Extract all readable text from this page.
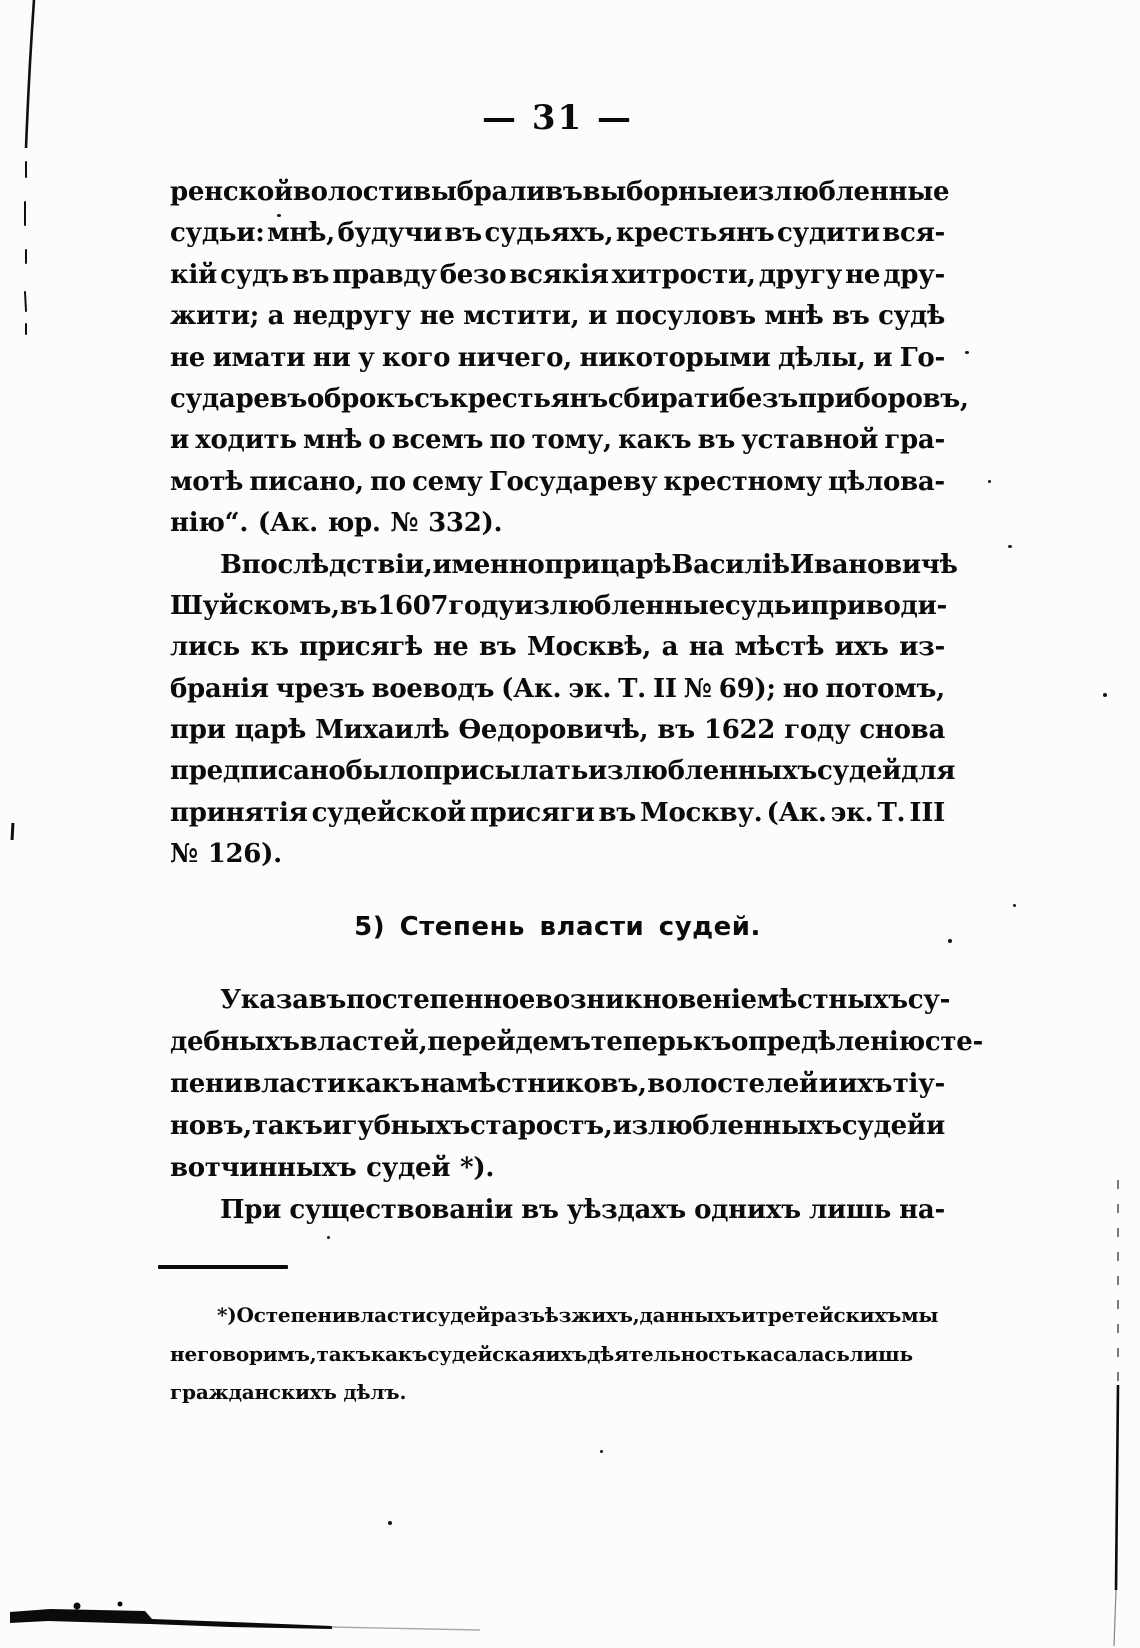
— 31 —
ренской волости выбрали въ выборные излюбленные
судьи: мнѣ, будучи въ судьяхъ, крестьянъ судити вся-
кій судъ въ правду безо всякія хитрости, другу не дру-
жити; а недругу не мстити, и посуловъ мнѣ въ судѣ
не имати ни у кого ничего, никоторыми дѣлы, и Го-
сударевъ оброкъ съ крестьянъ сбирати безъ приборовъ,
и ходить мнѣ о всемъ по тому, какъ въ уставной гра-
мотѣ писано, по сему Государеву крестному цѣлова-
нію“. (Ак. юр. № 332).
Впослѣдствіи, именно при царѣ Василіѣ Ивановичѣ
Шуйскомъ, въ 1607 году излюбленные судьи приводи-
лись къ присягѣ не въ Москвѣ, а на мѣстѣ ихъ из-
бранія чрезъ воеводъ (Ак. эк. Т. II № 69); но потомъ,
при царѣ Михаилѣ Ѳедоровичѣ, въ 1622 году снова
предписано было присылать излюбленныхъ судей для
принятія судейской присяги въ Москву. (Ак. эк. Т. III
№ 126).
5) Степень власти судей.
Указавъ постепенное возникновеніе мѣстныхъ су-
дебныхъ властей, перейдемъ теперь къ опредѣленію сте-
пени власти какъ намѣстниковъ, волостелей и ихъ тіу-
новъ, такъ и губныхъ старостъ, излюбленныхъ судей и
вотчинныхъ судей *).
При существованіи въ уѣздахъ однихъ лишь на-
*) О степени власти судей разъѣзжихъ, данныхъ и третейскихъ мы
не говоримъ, такъ какъ судейская ихъ дѣятельность касалась лишь
гражданскихъ дѣлъ.
